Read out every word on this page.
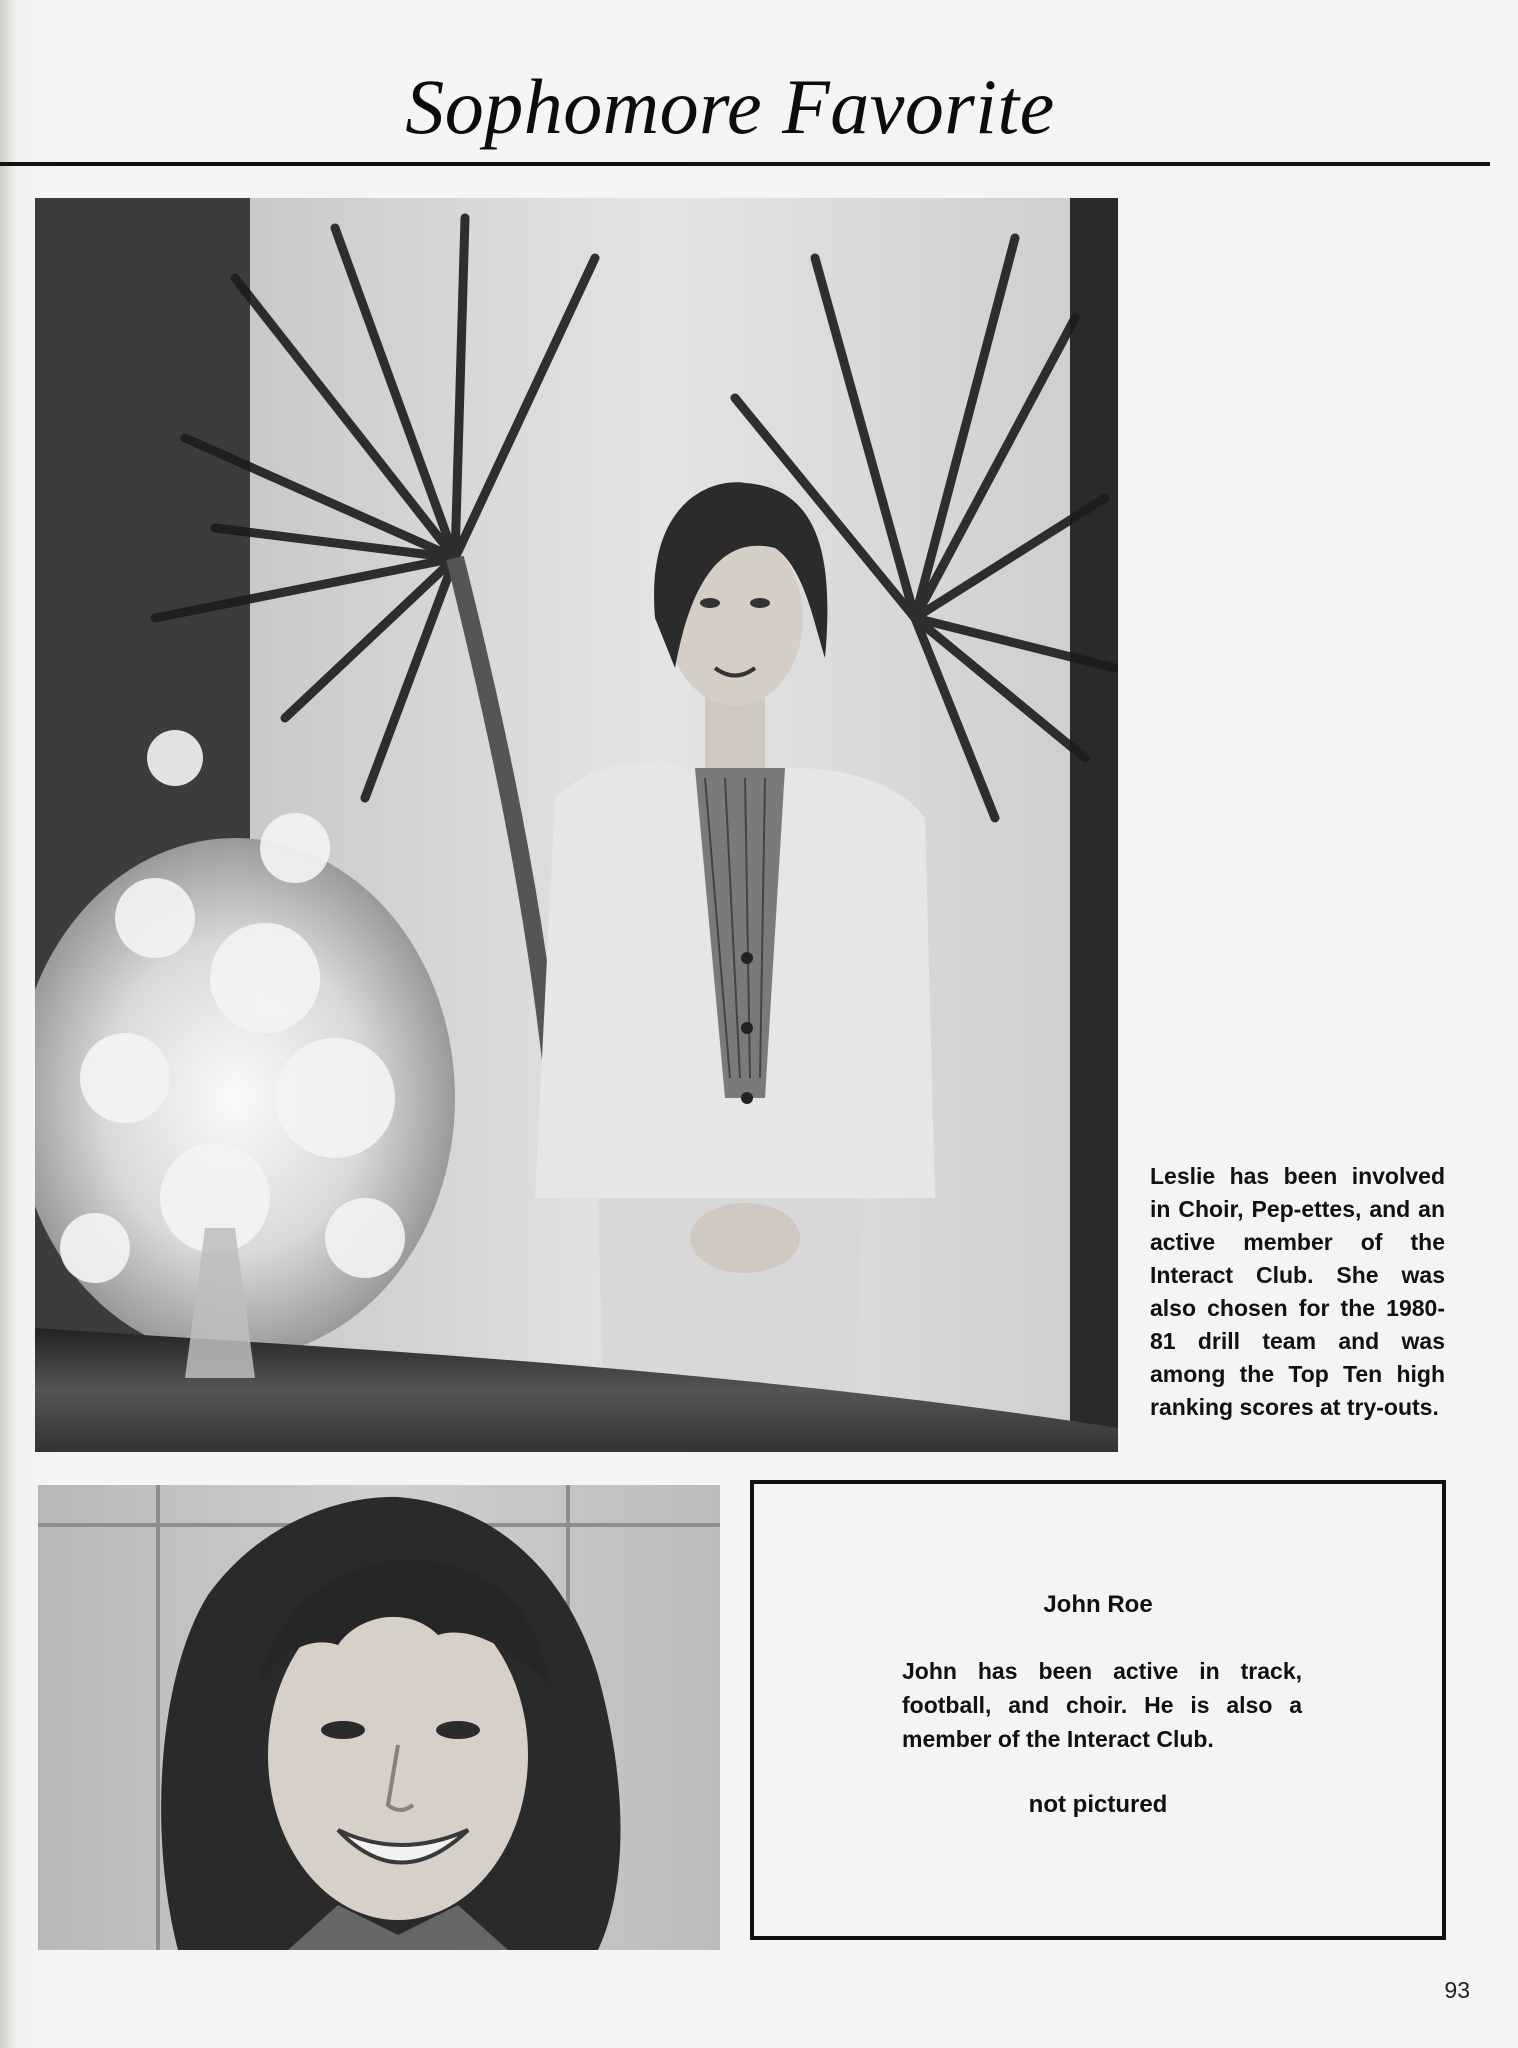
Sophomore Favorite
Leslie has been involved in Choir, Pep-ettes, and an active member of the Interact Club. She was also chosen for the 1980-81 drill team and was among the Top Ten high ranking scores at try-outs.
John Roe
John has been active in track, football, and choir. He is also a member of the Interact Club.
not pictured
93
